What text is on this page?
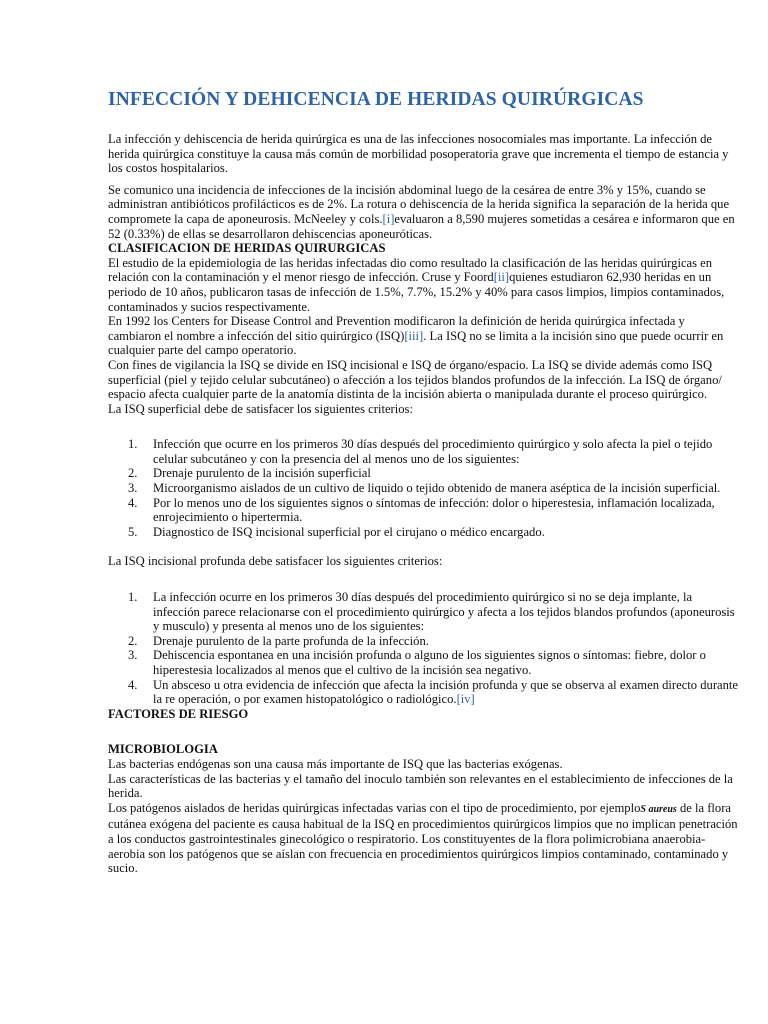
INFECCIÓN Y DEHICENCIA DE HERIDAS QUIRÚRGICAS

La infección y dehiscencia de herida quirúrgica es una de las infecciones nosocomiales mas importante. La infección de herida quirúrgica constituye la causa más común de morbilidad posoperatoria grave que incrementa el tiempo de estancia y los costos hospitalarios.

Se comunico una incidencia de infecciones de la incisión abdominal luego de la cesárea de entre 3% y 15%, cuando se administran antibióticos profilácticos es de 2%. La rotura o dehiscencia de la herida significa la separación de la herida que compromete la capa de aponeurosis. McNeeley y cols.[i]evaluaron a 8,590 mujeres sometidas a cesárea e informaron que en 52 (0.33%) de ellas se desarrollaron dehiscencias aponeuróticas.

CLASIFICACION DE HERIDAS QUIRURGICAS

El estudio de la epidemiologia de las heridas infectadas dio como resultado la clasificación de las heridas quirúrgicas en relación con la contaminación y el menor riesgo de infección. Cruse y Foord[ii]quienes estudiaron 62,930 heridas en un periodo de 10 años, publicaron tasas de infección de 1.5%, 7.7%, 15.2% y 40% para casos limpios, limpios contaminados, contaminados y sucios respectivamente.

En 1992 los Centers for Disease Control and Prevention modificaron la definición de herida quirúrgica infectada y cambiaron el nombre a infección del sitio quirúrgico (ISQ)[iii]. La ISQ no se limita a la incisión sino que puede ocurrir en cualquier parte del campo operatorio.

Con fines de vigilancia la ISQ se divide en ISQ incisional e ISQ de órgano/espacio. La ISQ se divide además como ISQ superficial (piel y tejido celular subcutáneo) o afección a los tejidos blandos profundos de la infección. La ISQ de órgano/ espacio afecta cualquier parte de la anatomía distinta de la incisión abierta o manipulada durante el proceso quirúrgico.

La ISQ superficial debe de satisfacer los siguientes criterios:

1. Infección que ocurre en los primeros 30 días después del procedimiento quirúrgico y solo afecta la piel o tejido celular subcutáneo y con la presencia del al menos uno de los siguientes:
2. Drenaje purulento de la incisión superficial
3. Microorganismo aislados de un cultivo de liquido o tejido obtenido de manera aséptica de la incisión superficial.
4. Por lo menos uno de los siguientes signos o síntomas de infección: dolor o hiperestesia, inflamación localizada, enrojecimiento o hipertermia.
5. Diagnostico de ISQ incisional superficial por el cirujano o médico encargado.

La ISQ incisional profunda debe satisfacer los siguientes criterios:

1. La infección ocurre en los primeros 30 días después del procedimiento quirúrgico si no se deja implante, la infección parece relacionarse con el procedimiento quirúrgico y afecta a los tejidos blandos profundos (aponeurosis y musculo) y presenta al menos uno de los siguientes:
2. Drenaje purulento de la parte profunda de la infección.
3. Dehiscencia espontanea en una incisión profunda o alguno de los siguientes signos o síntomas: fiebre, dolor o hiperestesia localizados al menos que el cultivo de la incisión sea negativo.
4. Un absceso u otra evidencia de infección que afecta la incisión profunda y que se observa al examen directo durante la re operación, o por examen histopatológico o radiológico.[iv]

FACTORES DE RIESGO

MICROBIOLOGIA

Las bacterias endógenas son una causa más importante de ISQ que las bacterias exógenas.

Las características de las bacterias y el tamaño del inoculo también son relevantes en el establecimiento de infecciones de la herida.

Los patógenos aislados de heridas quirúrgicas infectadas varias con el tipo de procedimiento, por ejemploS aureus de la flora cutánea exógena del paciente es causa habitual de la ISQ en procedimientos quirúrgicos limpios que no implican penetración a los conductos gastrointestinales ginecológico o respiratorio. Los constituyentes de la flora polimicrobiana anaerobia-aerobia son los patógenos que se aíslan con frecuencia en procedimientos quirúrgicos limpios contaminado, contaminado y sucio.
